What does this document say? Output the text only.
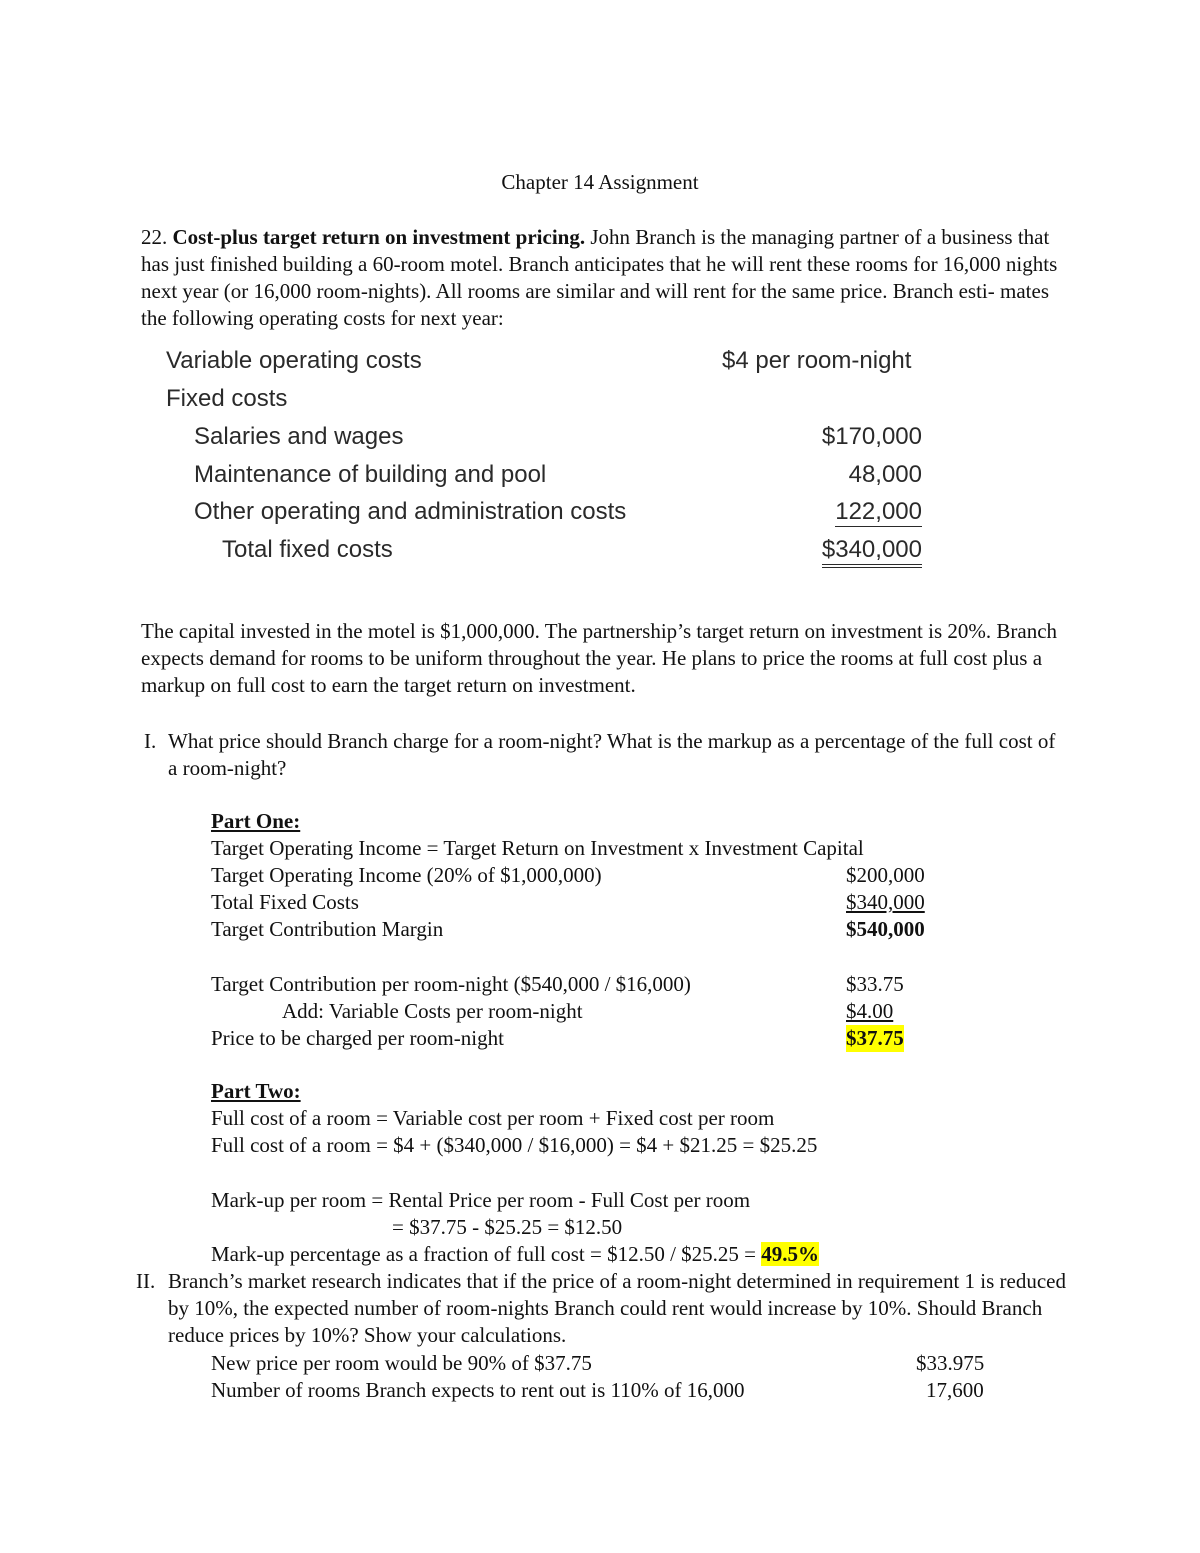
Chapter 14 Assignment
22. Cost-plus target return on investment pricing. John Branch is the managing partner of a business that has just finished building a 60-room motel. Branch anticipates that he will rent these rooms for 16,000 nights next year (or 16,000 room-nights). All rooms are similar and will rent for the same price. Branch esti- mates the following operating costs for next year:
Variable operating costs	$4 per room-night
Fixed costs
Salaries and wages	$170,000
Maintenance of building and pool	48,000
Other operating and administration costs	122,000
Total fixed costs	$340,000
The capital invested in the motel is $1,000,000. The partnership’s target return on investment is 20%. Branch expects demand for rooms to be uniform throughout the year. He plans to price the rooms at full cost plus a markup on full cost to earn the target return on investment.
I. What price should Branch charge for a room-night? What is the markup as a percentage of the full cost of a room-night?
Part One:
Target Operating Income = Target Return on Investment x Investment Capital
Target Operating Income (20% of $1,000,000)	$200,000
Total Fixed Costs	$340,000
Target Contribution Margin	$540,000
Target Contribution per room-night ($540,000 / $16,000)	$33.75
Add: Variable Costs per room-night	$4.00
Price to be charged per room-night	$37.75
Part Two:
Full cost of a room = Variable cost per room + Fixed cost per room
Full cost of a room = $4 + ($340,000 / $16,000) = $4 + $21.25 = $25.25
Mark-up per room = Rental Price per room - Full Cost per room
= $37.75 - $25.25 = $12.50
Mark-up percentage as a fraction of full cost = $12.50 / $25.25 = 49.5%
II. Branch’s market research indicates that if the price of a room-night determined in requirement 1 is reduced by 10%, the expected number of room-nights Branch could rent would increase by 10%. Should Branch reduce prices by 10%? Show your calculations.
New price per room would be 90% of $37.75	$33.975
Number of rooms Branch expects to rent out is 110% of 16,000	17,600
